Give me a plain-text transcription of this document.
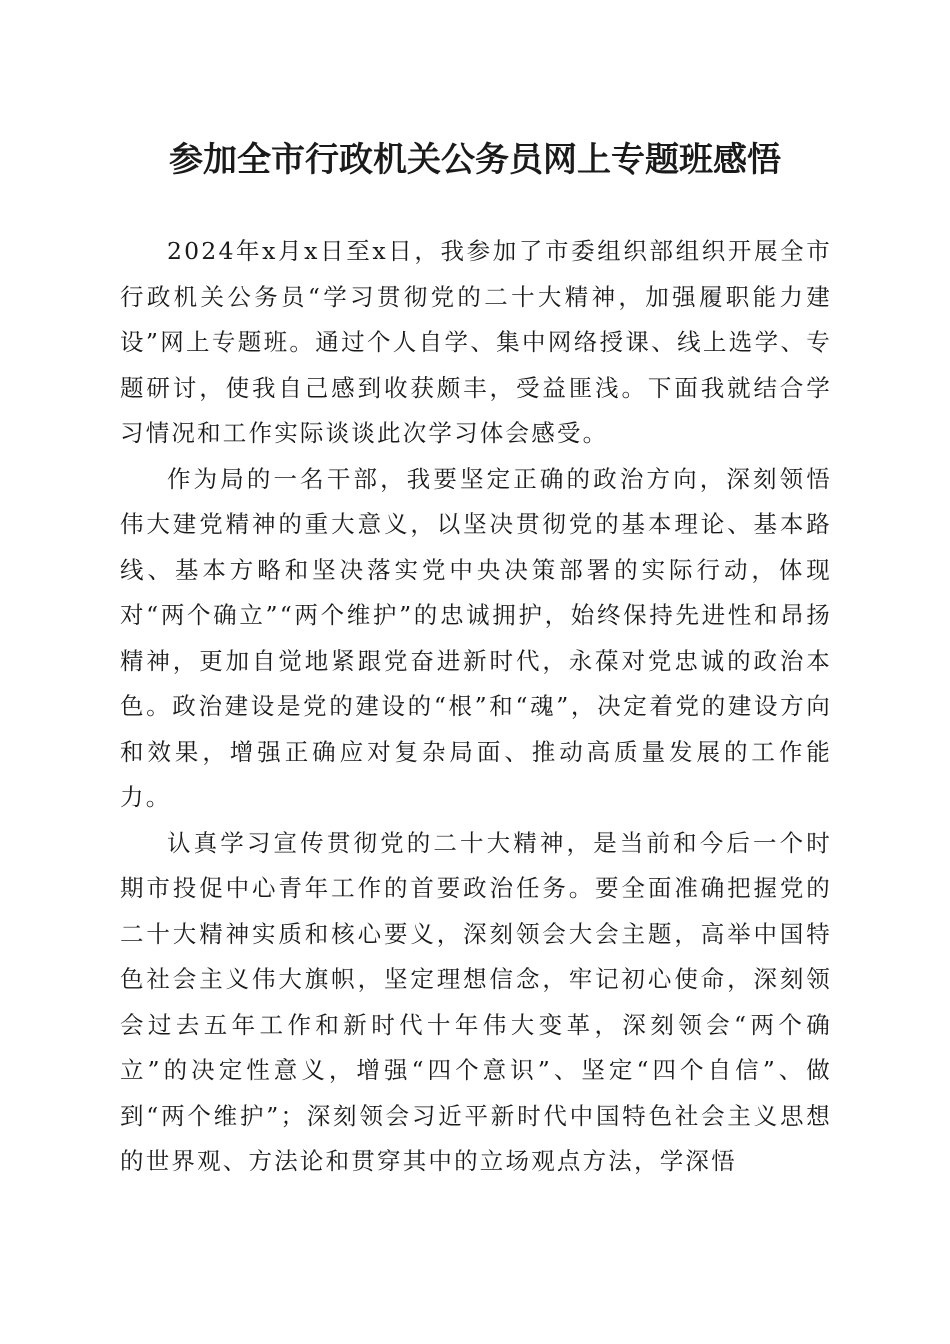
参加全市行政机关公务员网上专题班感悟

2024年x月x日至x日，我参加了市委组织部组织开展全市行政机关公务员“学习贯彻党的二十大精神，加强履职能力建设”网上专题班。通过个人自学、集中网络授课、线上选学、专题研讨，使我自己感到收获颇丰，受益匪浅。下面我就结合学习情况和工作实际谈谈此次学习体会感受。

作为局的一名干部，我要坚定正确的政治方向，深刻领悟伟大建党精神的重大意义，以坚决贯彻党的基本理论、基本路线、基本方略和坚决落实党中央决策部署的实际行动，体现对“两个确立”“两个维护”的忠诚拥护，始终保持先进性和昂扬精神，更加自觉地紧跟党奋进新时代，永葆对党忠诚的政治本色。政治建设是党的建设的“根”和“魂”，决定着党的建设方向和效果，增强正确应对复杂局面、推动高质量发展的工作能力。

认真学习宣传贯彻党的二十大精神，是当前和今后一个时期市投促中心青年工作的首要政治任务。要全面准确把握党的二十大精神实质和核心要义，深刻领会大会主题，高举中国特色社会主义伟大旗帜，坚定理想信念，牢记初心使命，深刻领会过去五年工作和新时代十年伟大变革，深刻领会“两个确立”的决定性意义，增强“四个意识”、坚定“四个自信”、做到“两个维护”；深刻领会习近平新时代中国特色社会主义思想的世界观、方法论和贯穿其中的立场观点方法，学深悟
